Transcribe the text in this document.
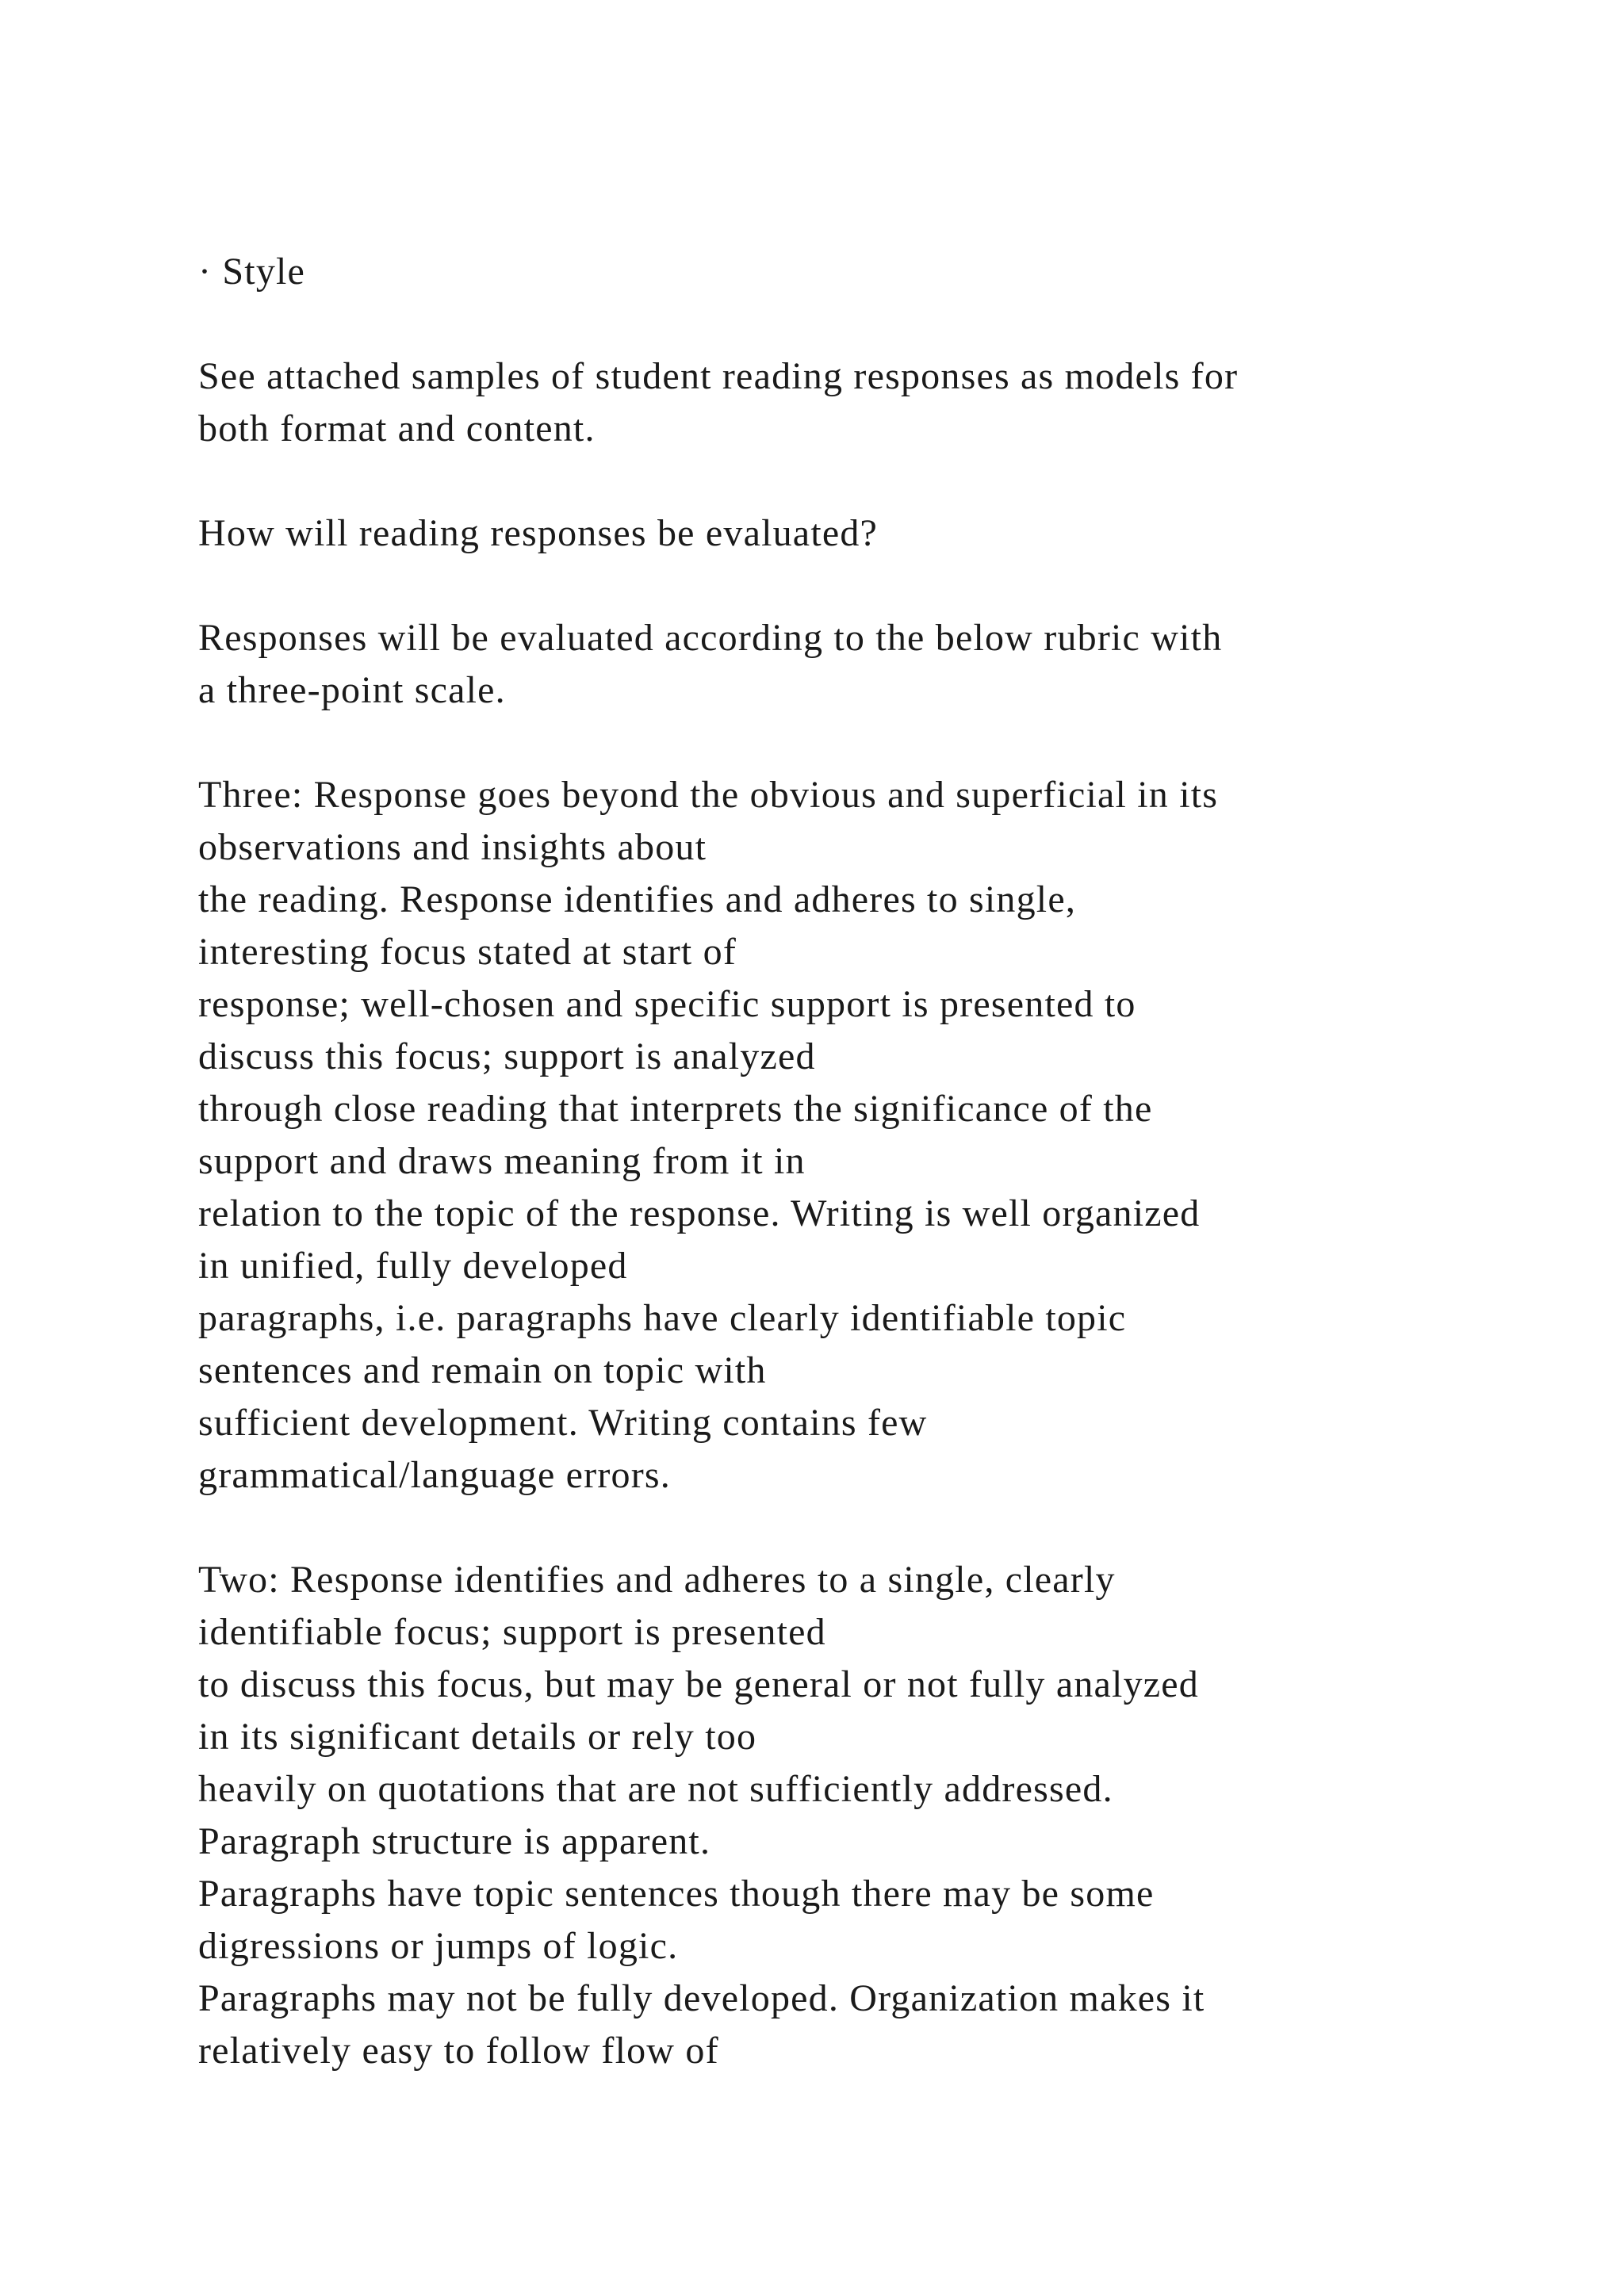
· Style
See attached samples of student reading responses as models for
both format and content.
How will reading responses be evaluated?
Responses will be evaluated according to the below rubric with
a three-point scale.
Three: Response goes beyond the obvious and superficial in its
observations and insights about
the reading. Response identifies and adheres to single,
interesting focus stated at start of
response; well-chosen and specific support is presented to
discuss this focus; support is analyzed
through close reading that interprets the significance of the
support and draws meaning from it in
relation to the topic of the response. Writing is well organized
in unified, fully developed
paragraphs, i.e. paragraphs have clearly identifiable topic
sentences and remain on topic with
sufficient development. Writing contains few
grammatical/language errors.
Two: Response identifies and adheres to a single, clearly
identifiable focus; support is presented
to discuss this focus, but may be general or not fully analyzed
in its significant details or rely too
heavily on quotations that are not sufficiently addressed.
Paragraph structure is apparent.
Paragraphs have topic sentences though there may be some
digressions or jumps of logic.
Paragraphs may not be fully developed. Organization makes it
relatively easy to follow flow of
